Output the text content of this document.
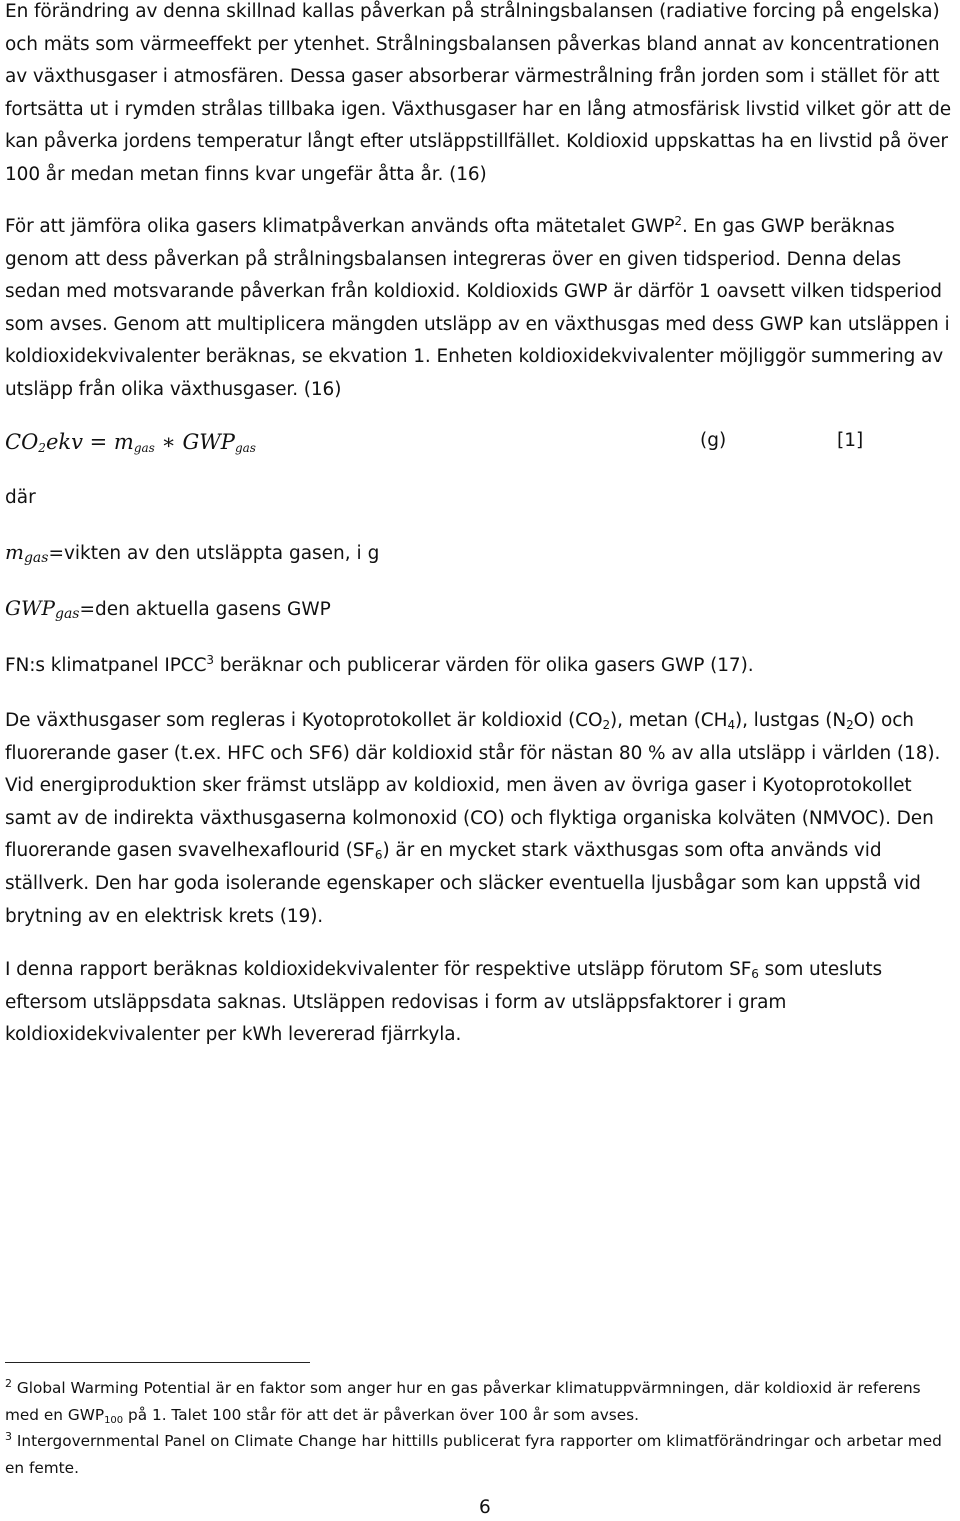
En förändring av denna skillnad kallas påverkan på strålningsbalansen (radiative forcing på engelska) och mäts som värmeeffekt per ytenhet. Strålningsbalansen påverkas bland annat av koncentrationen av växthusgaser i atmosfären. Dessa gaser absorberar värmestrålning från jorden som i stället för att fortsätta ut i rymden strålas tillbaka igen. Växthusgaser har en lång atmosfärisk livstid vilket gör att de kan påverka jordens temperatur långt efter utsläppstillfället. Koldioxid uppskattas ha en livstid på över 100 år medan metan finns kvar ungefär åtta år. (16)

För att jämföra olika gasers klimatpåverkan används ofta mätetalet GWP$^2$. En gas GWP beräknas genom att dess påverkan på strålningsbalansen integreras över en given tidsperiod. Denna delas sedan med motsvarande påverkan från koldioxid. Koldioxids GWP är därför 1 oavsett vilken tidsperiod som avses. Genom att multiplicera mängden utsläpp av en växthusgas med dess GWP kan utsläppen i koldioxidekvivalenter beräknas, se ekvation 1. Enheten koldioxidekvivalenter möjliggör summering av utsläpp från olika växthusgaser. (16)

$CO_2ekv = m_{gas}$ ∗ $GWP_{gas}$	(g)	[1]
där
$m_{gas}=vikten$ av den utsläppta gasen, i g
$GWP_{gas}=den$ aktuella gasens GWP

FN:s klimatpanel IPCC$^3$ beräknar och publicerar värden för olika gasers GWP (17).

De växthusgaser som regleras i Kyotoprotokollet är koldioxid $(CO_2)$, metan $(CH_4)$, lustgas $(N_2O)$ och fluorerande gaser (t.ex. HFC och SF6) där koldioxid står för nästan 80 % av alla utsläpp i världen (18). Vid energiproduktion sker främst utsläpp av koldioxid, men även av övriga gaser i Kyotoprotokollet samt av de indirekta växthusgaserna kolmonoxid (CO) och flyktiga organiska kolväten (NMVOC). Den fluorerande gasen svavelhexaflourid $(SF_6)$ är en mycket stark växthusgas som ofta används vid ställverk. Den har goda isolerande egenskaper och släcker eventuella ljusbågar som kan uppstå vid brytning av en elektrisk krets (19).

I denna rapport beräknas koldioxidekvivalenter för respektive utsläpp förutom $SF_6$ som utesluts eftersom utsläppsdata saknas. Utsläppen redovisas i form av utsläppsfaktorer i gram koldioxidekvivalenter per kWh levererad fjärrkyla.

$^2$ Global Warming Potential är en faktor som anger hur en gas påverkar klimatuppvärmningen, där koldioxid är referens med en $GWP_{100}$ på 1. Talet 100 står för att det är påverkan över 100 år som avses.

$^3$ Intergovernmental Panel on Climate Change har hittills publicerat fyra rapporter om klimatförändringar och arbetar med en femte.

6
